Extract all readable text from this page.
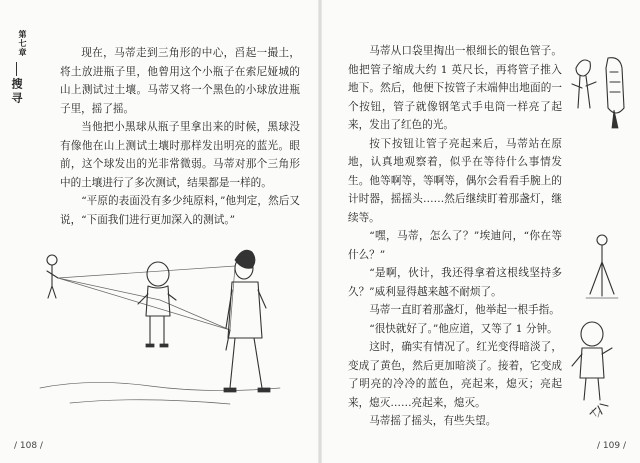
第七章
搜寻

现在，马蒂走到三角形的中心，舀起一撮土，将土放进瓶子里，他曾用这个小瓶子在索尼娅城的山上测试过土壤。马蒂又将一个黑色的小球放进瓶子里，摇了摇。

当他把小黑球从瓶子里拿出来的时候，黑球没有像他在山上测试土壤时那样发出明亮的蓝光。眼前，这个球发出的光非常微弱。马蒂对那个三角形中的土壤进行了多次测试，结果都是一样的。

“平原的表面没有多少纯原料，”他判定，然后又说，“下面我们进行更加深入的测试。”

/ 108 /

马蒂从口袋里掏出一根细长的银色管子。他把管子缩成大约 1 英尺长，再将管子推入地下。然后，他便下按管子末端伸出地面的一个按钮，管子就像钢笔式手电筒一样亮了起来，发出了红色的光。

按下按钮让管子亮起来后，马蒂站在原地，认真地观察着，似乎在等待什么事情发生。他等啊等，等啊等，偶尔会看看手腕上的计时器，摇摇头……然后继续盯着那盏灯，继续等。

“嘿，马蒂，怎么了？”埃迪问，“你在等什么？”

“是啊，伙计，我还得拿着这根线坚持多久？”威利显得越来越不耐烦了。

马蒂一直盯着那盏灯，他举起一根手指。

“很快就好了。”他应道，又等了 1 分钟。

这时，确实有情况了。红光变得暗淡了，变成了黄色，然后更加暗淡了。接着，它变成了明亮的冷冷的蓝色，亮起来，熄灭；亮起来，熄灭……亮起来，熄灭。

马蒂摇了摇头，有些失望。

/ 109 /
